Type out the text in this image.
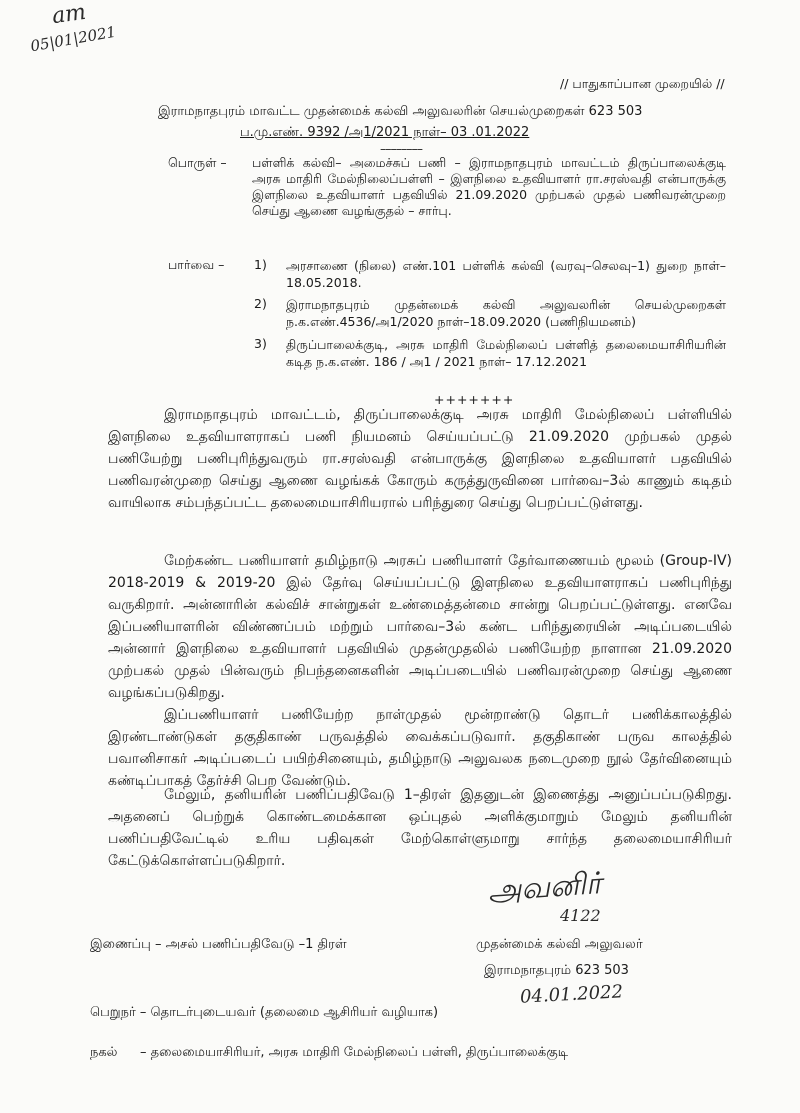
am
05|01|2021
// பாதுகாப்பான முறையில் //
இராமநாதபுரம் மாவட்ட முதன்மைக் கல்வி அலுவலரின் செயல்முறைகள் 623 503
ப.மு.எண். 9392 /அ1/2021 நாள்– 03 .01.2022
––––––––
பொருள் – பள்ளிக் கல்வி– அமைச்சுப் பணி – இராமநாதபுரம் மாவட்டம் திருப்பாலைக்குடி அரசு மாதிரி மேல்நிலைப்பள்ளி – இளநிலை உதவியாளர் ரா.சரஸ்வதி என்பாருக்கு இளநிலை உதவியாளர் பதவியில் 21.09.2020 முற்பகல் முதல் பணிவரன்முறை செய்து ஆணை வழங்குதல் – சார்பு.
பார்வை – 1) அரசாணை (நிலை) எண்.101 பள்ளிக் கல்வி (வரவு–செலவு–1) துறை நாள்–18.05.2018.
2) இராமநாதபுரம் முதன்மைக் கல்வி அலுவலரின் செயல்முறைகள் ந.க.எண்.4536/அ1/2020 நாள்–18.09.2020 (பணிநியமனம்)
3) திருப்பாலைக்குடி, அரசு மாதிரி மேல்நிலைப் பள்ளித் தலைமையாசிரியரின் கடித ந.க.எண். 186 / அ1 / 2021 நாள்– 17.12.2021
+++++++

இராமநாதபுரம் மாவட்டம், திருப்பாலைக்குடி அரசு மாதிரி மேல்நிலைப் பள்ளியில் இளநிலை உதவியாளராகப் பணி நியமனம் செய்யப்பட்டு 21.09.2020 முற்பகல் முதல் பணியேற்று பணிபுரிந்துவரும் ரா.சரஸ்வதி என்பாருக்கு இளநிலை உதவியாளர் பதவியில் பணிவரன்முறை செய்து ஆணை வழங்கக் கோரும் கருத்துருவினை பார்வை–3ல் காணும் கடிதம் வாயிலாக சம்பந்தப்பட்ட தலைமையாசிரியரால் பரிந்துரை செய்து பெறப்பட்டுள்ளது.

மேற்கண்ட பணியாளர் தமிழ்நாடு அரசுப் பணியாளர் தேர்வாணையம் மூலம் (Group-IV) 2018-2019 & 2019-20 இல் தேர்வு செய்யப்பட்டு இளநிலை உதவியாளராகப் பணிபுரிந்து வருகிறார். அன்னாரின் கல்விச் சான்றுகள் உண்மைத்தன்மை சான்று பெறப்பட்டுள்ளது. எனவே இப்பணியாளரின் விண்ணப்பம் மற்றும் பார்வை–3ல் கண்ட பரிந்துரையின் அடிப்படையில் அன்னார் இளநிலை உதவியாளர் பதவியில் முதன்முதலில் பணியேற்ற நாளான 21.09.2020 முற்பகல் முதல் பின்வரும் நிபந்தனைகளின் அடிப்படையில் பணிவரன்முறை செய்து ஆணை வழங்கப்படுகிறது.

இப்பணியாளர் பணியேற்ற நாள்முதல் மூன்றாண்டு தொடர் பணிக்காலத்தில் இரண்டாண்டுகள் தகுதிகாண் பருவத்தில் வைக்கப்படுவார். தகுதிகாண் பருவ காலத்தில் பவானிசாகர் அடிப்படைப் பயிற்சினையும், தமிழ்நாடு அலுவலக நடைமுறை நூல் தேர்வினையும் கண்டிப்பாகத் தேர்ச்சி பெற வேண்டும்.

மேலும், தனியரின் பணிப்பதிவேடு 1–திரள் இதனுடன் இணைத்து அனுப்பப்படுகிறது. அதனைப் பெற்றுக் கொண்டமைக்கான ஒப்புதல் அளிக்குமாறும் மேலும் தனியரின் பணிப்பதிவேட்டில் உரிய பதிவுகள் மேற்கொள்ளுமாறு சார்ந்த தலைமையாசிரியர் கேட்டுக்கொள்ளப்படுகிறார்.

அவனிர்
4122
இணைப்பு – அசல் பணிப்பதிவேடு –1 திரள்	முதன்மைக் கல்வி அலுவலர்
இராமநாதபுரம் 623 503
04.01.2022
பெறுநர் – தொடர்புடையவர் (தலைமை ஆசிரியர் வழியாக)
நகல் – தலைமையாசிரியர், அரசு மாதிரி மேல்நிலைப் பள்ளி, திருப்பாலைக்குடி
